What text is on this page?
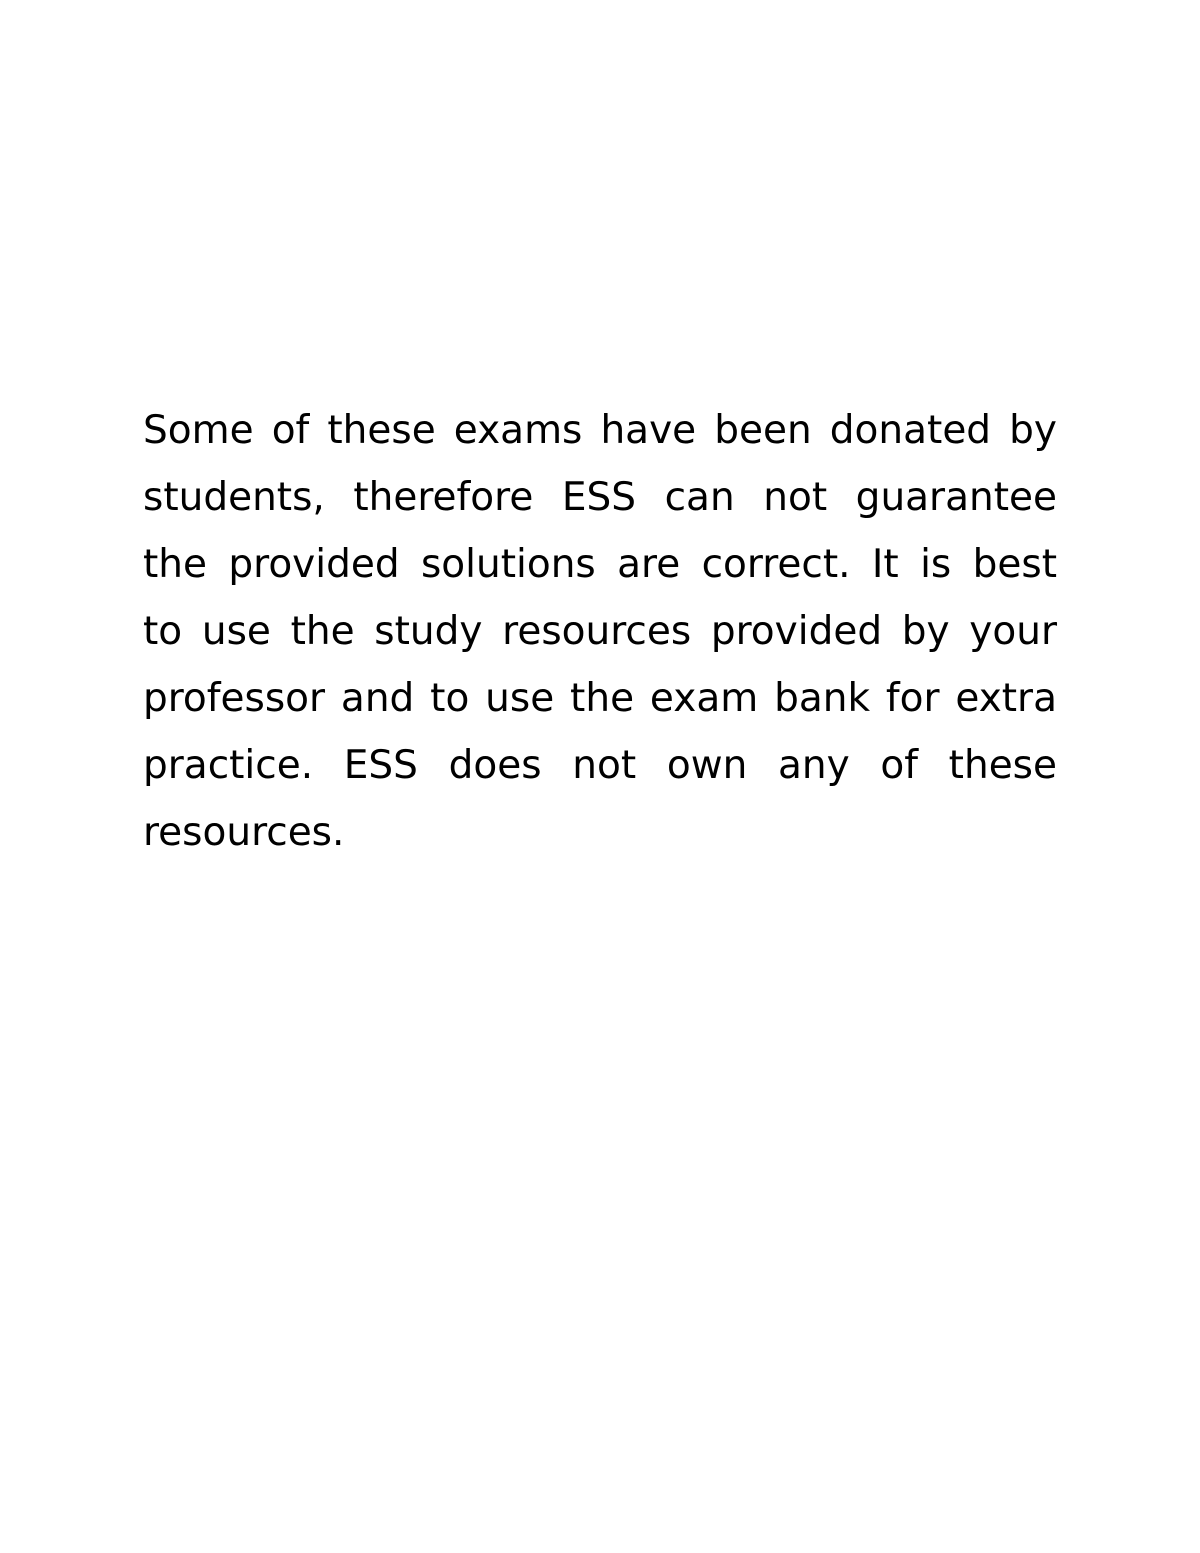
Some of these exams have been donated by
students, therefore ESS can not guarantee
the provided solutions are correct. It is best
to use the study resources provided by your
professor and to use the exam bank for extra
practice. ESS does not own any of these
resources.
